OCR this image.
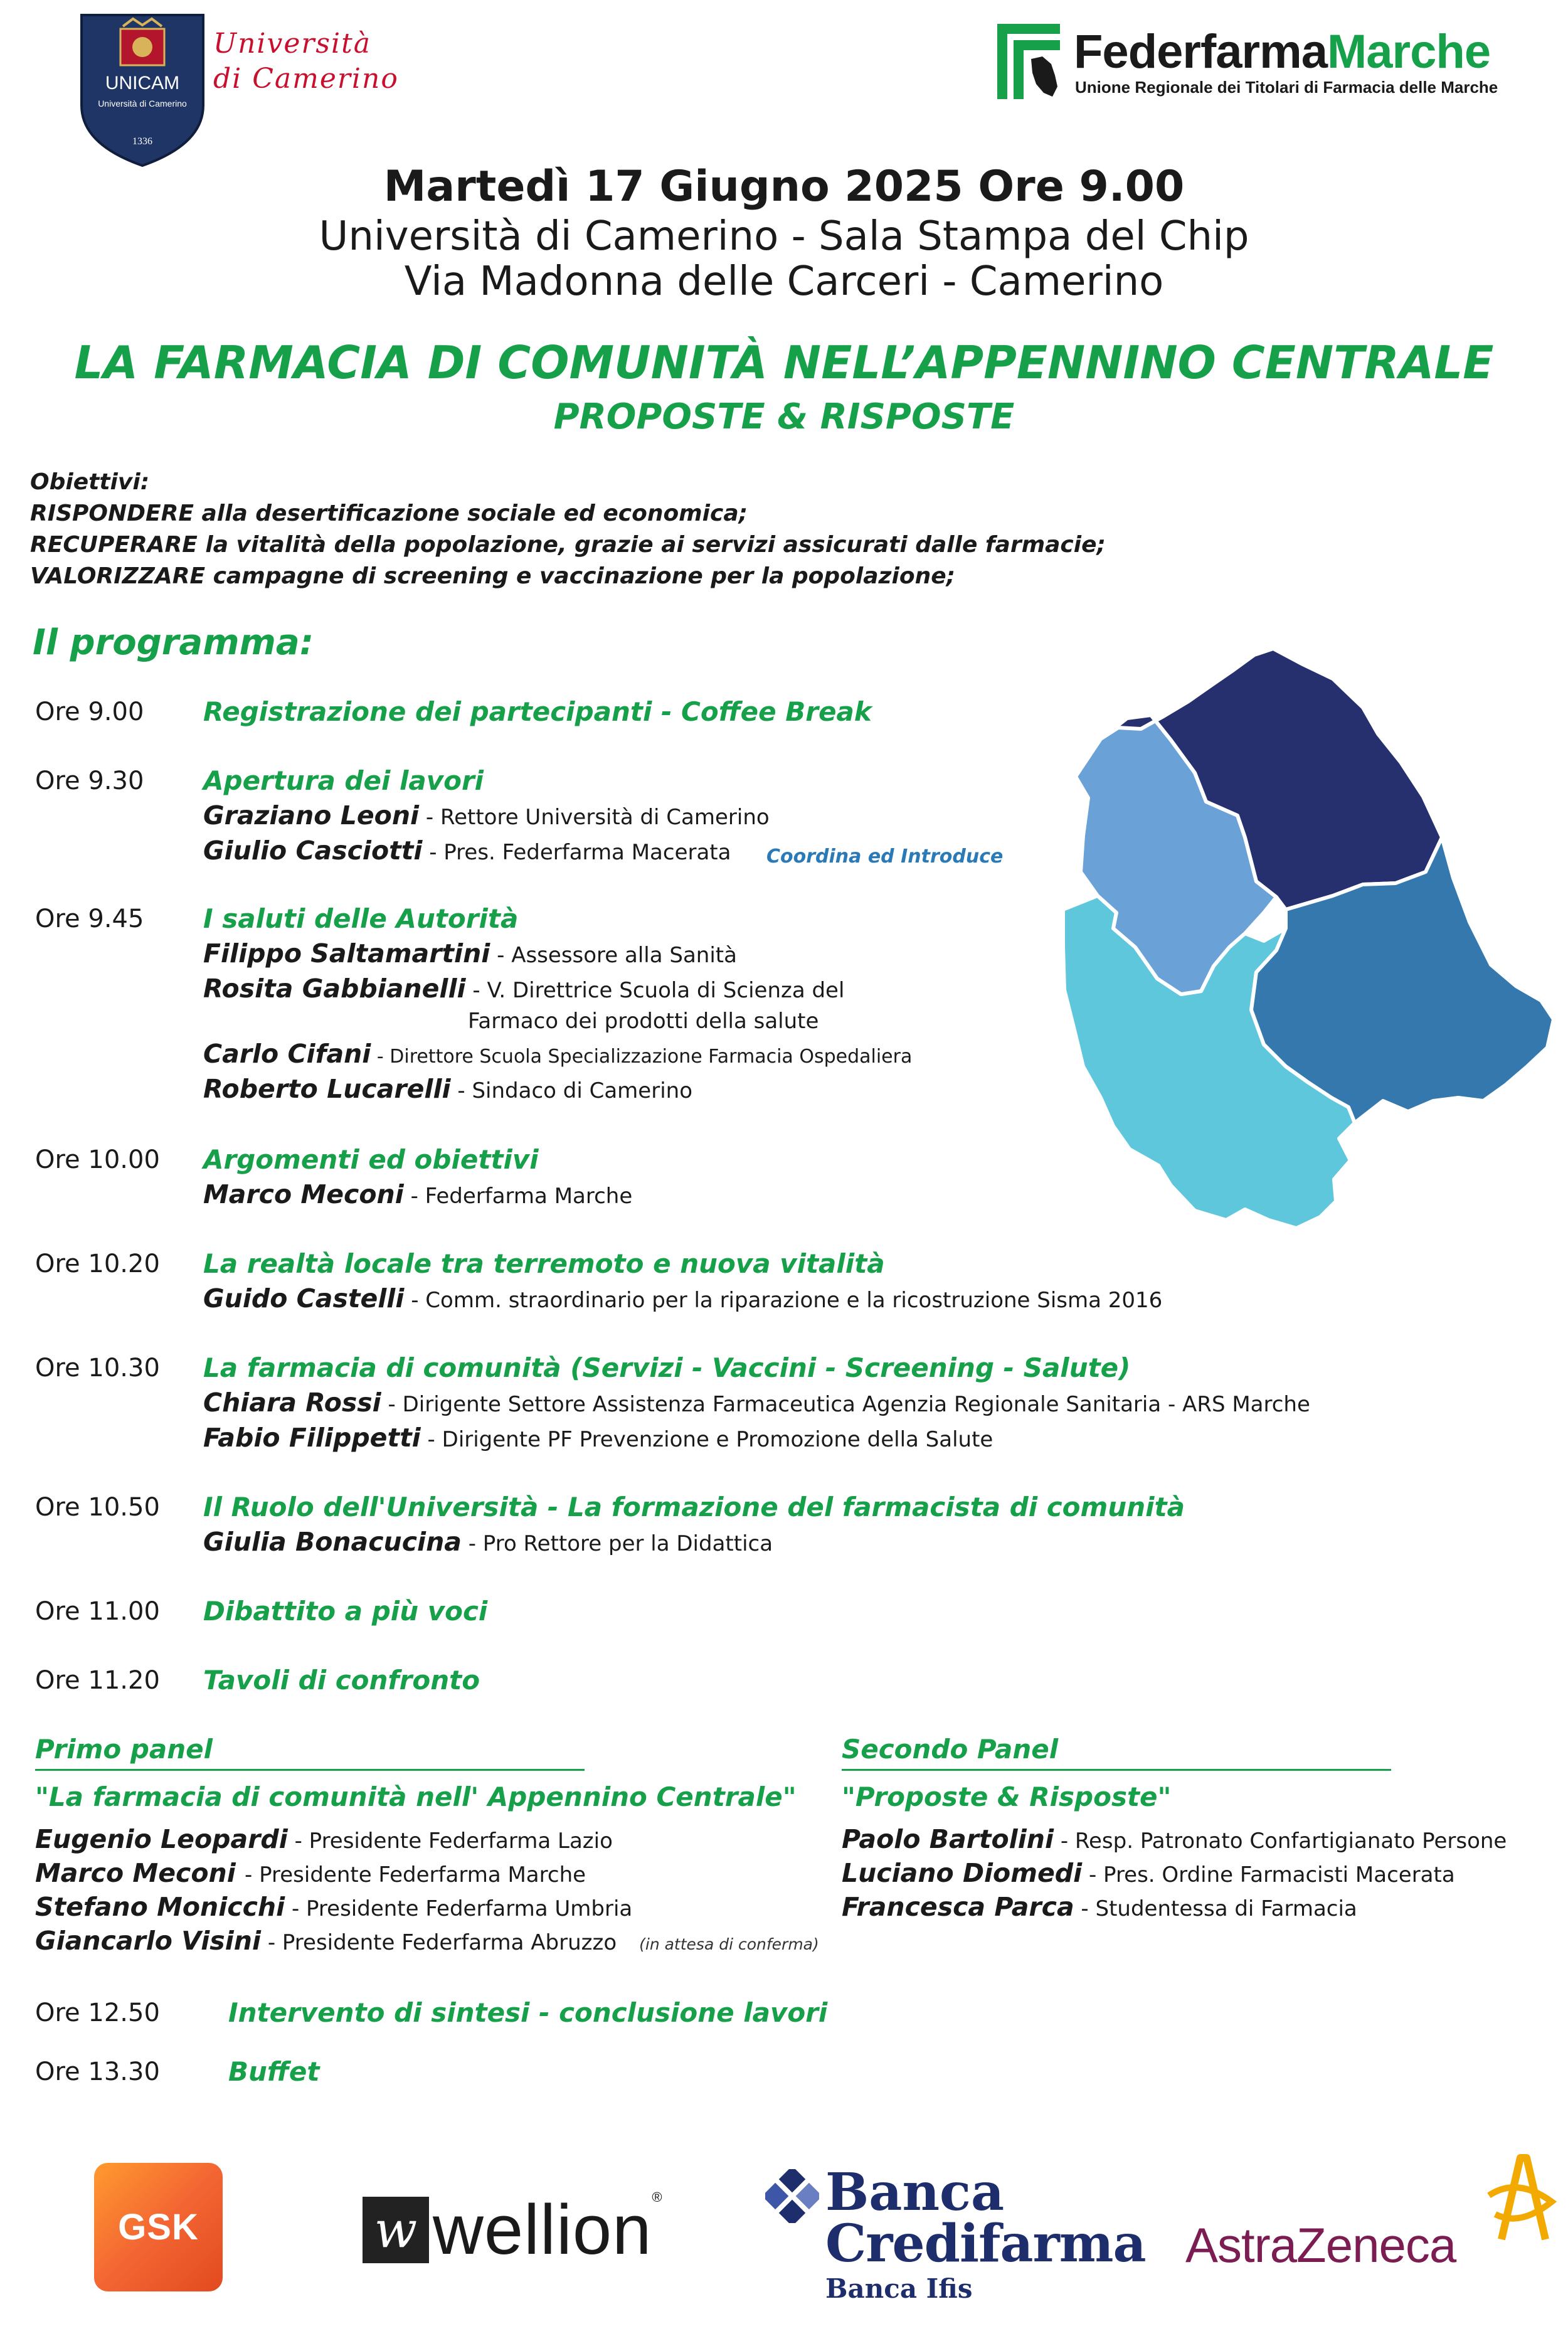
UNICAM
Università di Camerino
1336
Università
di Camerino
FederfarmaMarche
Unione Regionale dei Titolari di Farmacia delle Marche
Martedì 17 Giugno 2025 Ore 9.00
Università di Camerino - Sala Stampa del Chip
Via Madonna delle Carceri - Camerino
LA FARMACIA DI COMUNITÀ NELL’APPENNINO CENTRALE
PROPOSTE & RISPOSTE
Obiettivi:
RISPONDERE alla desertificazione sociale ed economica;
RECUPERARE la vitalità della popolazione, grazie ai servizi assicurati dalle farmacie;
VALORIZZARE campagne di screening e vaccinazione per la popolazione;
Il programma:
Ore 9.00 Registrazione dei partecipanti - Coffee Break
Ore 9.30 Apertura dei lavori
Graziano Leoni - Rettore Università di Camerino
Giulio Casciotti - Pres. Federfarma Macerata Coordina ed Introduce
Ore 9.45 I saluti delle Autorità
Filippo Saltamartini - Assessore alla Sanità
Rosita Gabbianelli - V. Direttrice Scuola di Scienza del
Farmaco dei prodotti della salute
Carlo Cifani - Direttore Scuola Specializzazione Farmacia Ospedaliera
Roberto Lucarelli - Sindaco di Camerino
Ore 10.00 Argomenti ed obiettivi
Marco Meconi - Federfarma Marche
Ore 10.20 La realtà locale tra terremoto e nuova vitalità
Guido Castelli - Comm. straordinario per la riparazione e la ricostruzione Sisma 2016
Ore 10.30 La farmacia di comunità (Servizi - Vaccini - Screening - Salute)
Chiara Rossi - Dirigente Settore Assistenza Farmaceutica Agenzia Regionale Sanitaria - ARS Marche
Fabio Filippetti - Dirigente PF Prevenzione e Promozione della Salute
Ore 10.50 Il Ruolo dell'Università - La formazione del farmacista di comunità
Giulia Bonacucina - Pro Rettore per la Didattica
Ore 11.00 Dibattito a più voci
Ore 11.20 Tavoli di confronto
Primo panel
"La farmacia di comunità nell' Appennino Centrale"
Eugenio Leopardi - Presidente Federfarma Lazio
Marco Meconi - Presidente Federfarma Marche
Stefano Monicchi - Presidente Federfarma Umbria
Giancarlo Visini - Presidente Federfarma Abruzzo (in attesa di conferma)
Secondo Panel
"Proposte & Risposte"
Paolo Bartolini - Resp. Patronato Confartigianato Persone
Luciano Diomedi - Pres. Ordine Farmacisti Macerata
Francesca Parca - Studentessa di Farmacia
Ore 12.50	Intervento di sintesi - conclusione lavori
Ore 13.30	Buffet
GSK	w wellion®	Banca
Credifarma
Banca Ifis
AstraZeneca
